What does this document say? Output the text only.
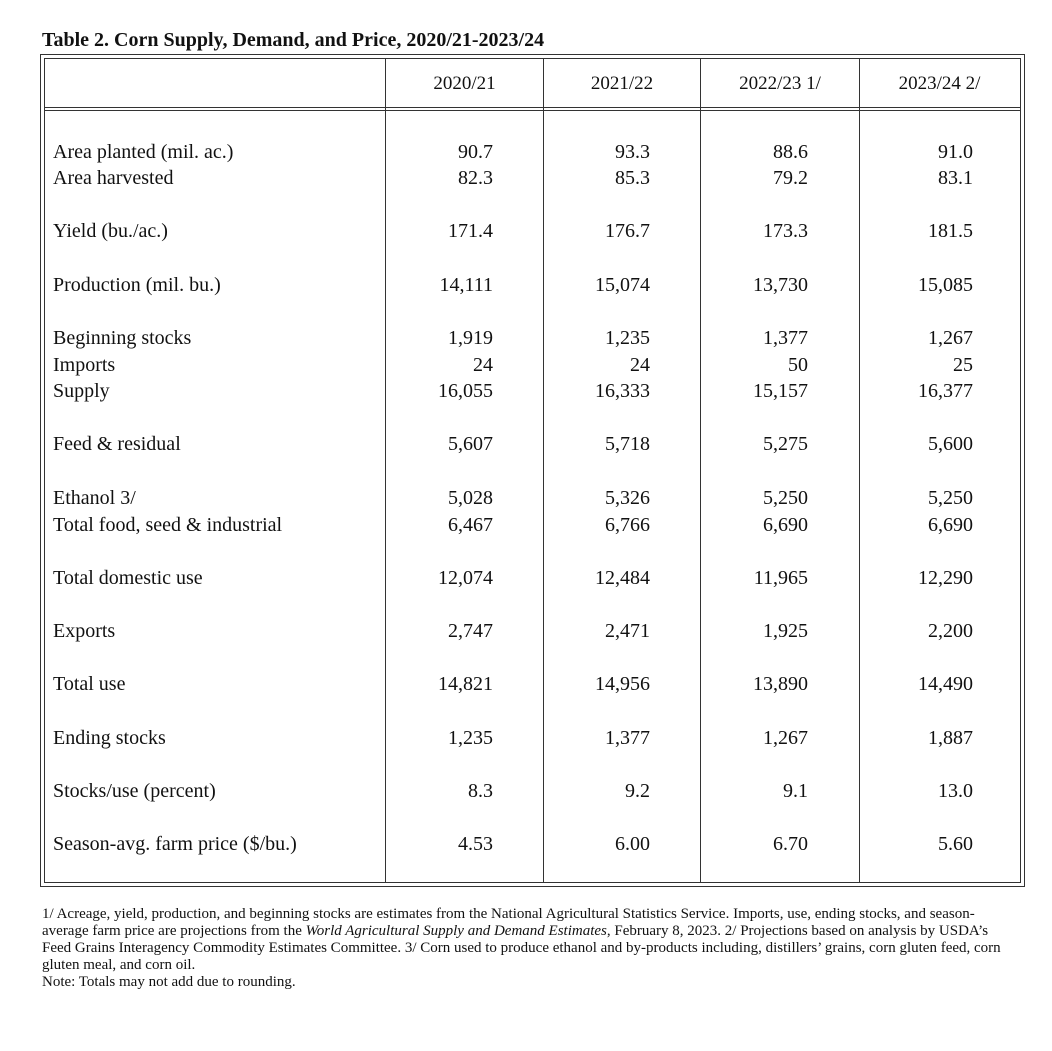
Table 2. Corn Supply, Demand, and Price, 2020/21-2023/24
2020/21	2021/22	2022/23 1/	2023/24 2/
Area planted (mil. ac.)	90.7	93.3	88.6	91.0
Area harvested	82.3	85.3	79.2	83.1
Yield (bu./ac.)	171.4	176.7	173.3	181.5
Production (mil. bu.)	14,111	15,074	13,730	15,085
Beginning stocks	1,919	1,235	1,377	1,267
Imports	24	24	50	25
Supply	16,055	16,333	15,157	16,377
Feed & residual	5,607	5,718	5,275	5,600
Ethanol 3/	5,028	5,326	5,250	5,250
Total food, seed & industrial	6,467	6,766	6,690	6,690
Total domestic use	12,074	12,484	11,965	12,290
Exports	2,747	2,471	1,925	2,200
Total use	14,821	14,956	13,890	14,490
Ending stocks	1,235	1,377	1,267	1,887
Stocks/use (percent)	8.3	9.2	9.1	13.0
Season-avg. farm price ($/bu.)	4.53	6.00	6.70	5.60

1/ Acreage, yield, production, and beginning stocks are estimates from the National Agricultural Statistics Service. Imports, use, ending stocks, and season-average farm price are projections from the World Agricultural Supply and Demand Estimates, February 8, 2023. 2/ Projections based on analysis by USDA’s Feed Grains Interagency Commodity Estimates Committee. 3/ Corn used to produce ethanol and by-products including, distillers’ grains, corn gluten feed, corn gluten meal, and corn oil.

Note: Totals may not add due to rounding.
